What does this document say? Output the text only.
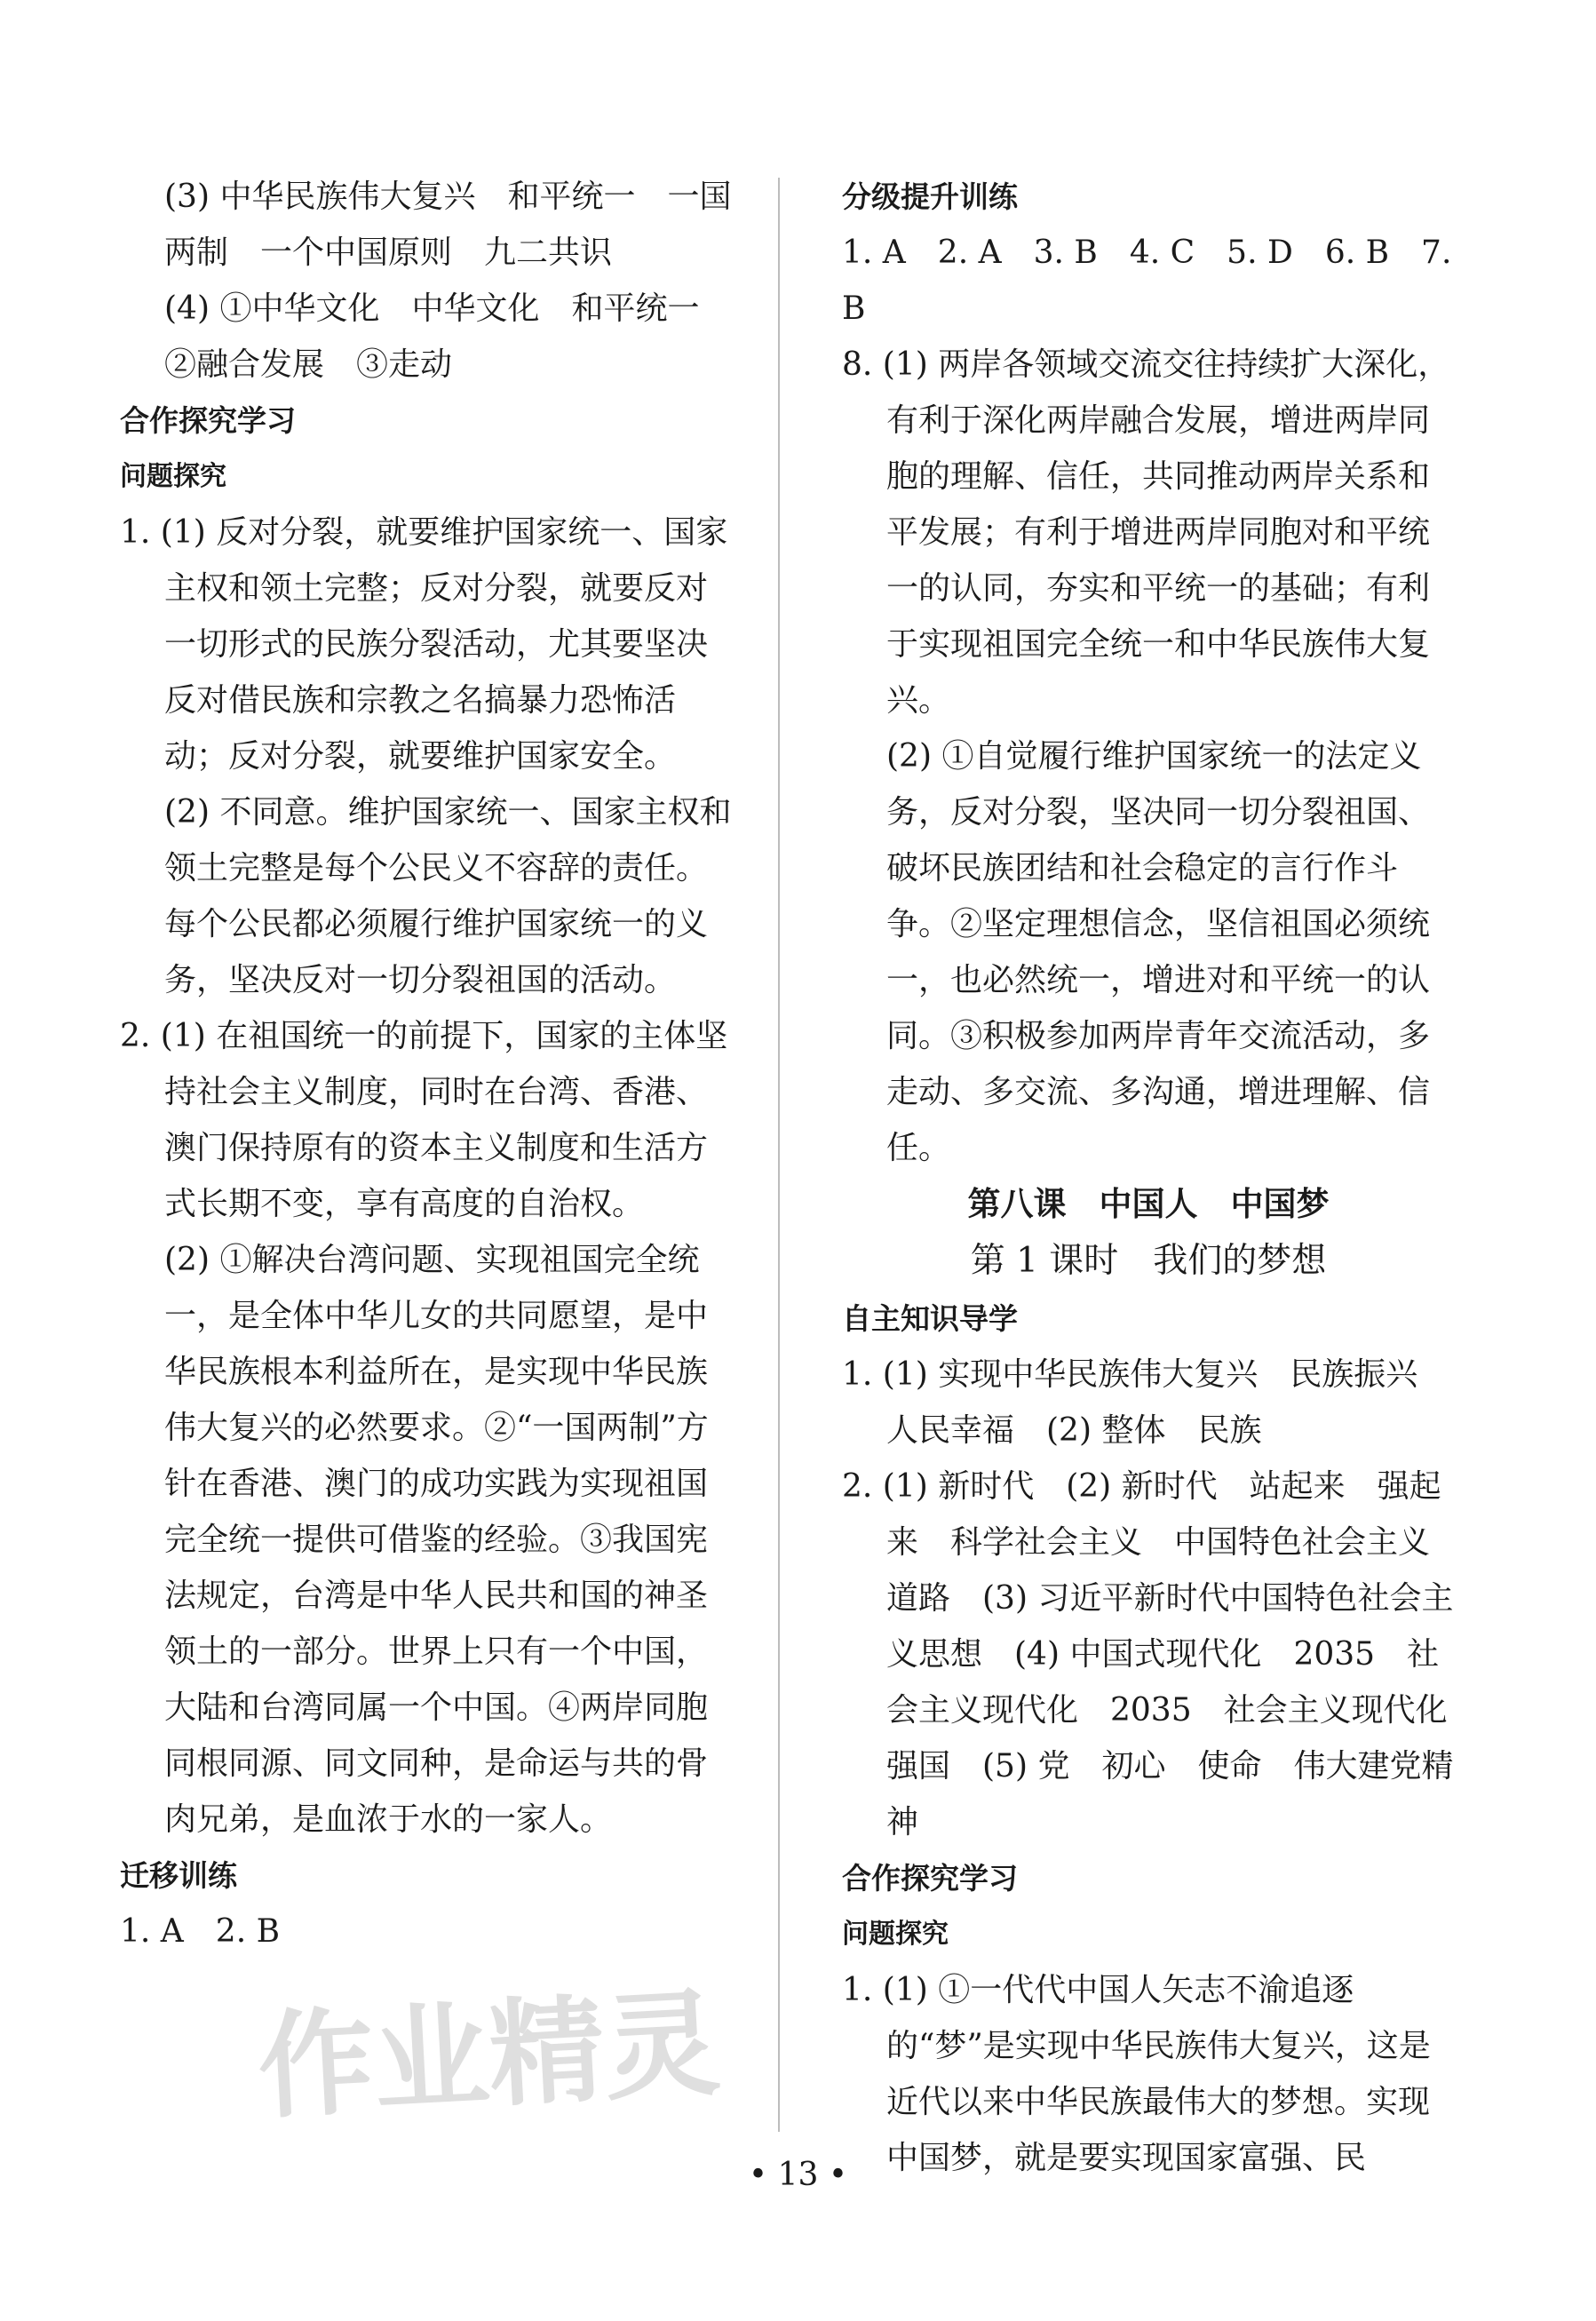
(3) 中华民族伟大复兴　和平统一　一国两制　一个中国原则　九二共识

(4) ①中华文化　中华文化　和平统一　②融合发展　③走动

合作探究学习

问题探究

1. (1) 反对分裂，就要维护国家统一、国家主权和领土完整；反对分裂，就要反对一切形式的民族分裂活动，尤其要坚决反对借民族和宗教之名搞暴力恐怖活动；反对分裂，就要维护国家安全。

(2) 不同意。维护国家统一、国家主权和领土完整是每个公民义不容辞的责任。每个公民都必须履行维护国家统一的义务，坚决反对一切分裂祖国的活动。

2. (1) 在祖国统一的前提下，国家的主体坚持社会主义制度，同时在台湾、香港、澳门保持原有的资本主义制度和生活方式长期不变，享有高度的自治权。

(2) ①解决台湾问题、实现祖国完全统一，是全体中华儿女的共同愿望，是中华民族根本利益所在，是实现中华民族伟大复兴的必然要求。②“一国两制”方针在香港、澳门的成功实践为实现祖国完全统一提供可借鉴的经验。③我国宪法规定，台湾是中华人民共和国的神圣领土的一部分。世界上只有一个中国，大陆和台湾同属一个中国。④两岸同胞同根同源、同文同种，是命运与共的骨肉兄弟，是血浓于水的一家人。

迁移训练

1. A　2. B

分级提升训练

1. A　2. A　3. B　4. C　5. D　6. B　7. B

8. (1) 两岸各领域交流交往持续扩大深化，有利于深化两岸融合发展，增进两岸同胞的理解、信任，共同推动两岸关系和平发展；有利于增进两岸同胞对和平统一的认同，夯实和平统一的基础；有利于实现祖国完全统一和中华民族伟大复兴。

(2) ①自觉履行维护国家统一的法定义务，反对分裂，坚决同一切分裂祖国、破坏民族团结和社会稳定的言行作斗争。②坚定理想信念，坚信祖国必须统一，也必然统一，增进对和平统一的认同。③积极参加两岸青年交流活动，多走动、多交流、多沟通，增进理解、信任。

第八课　中国人　中国梦

第 1 课时　我们的梦想

自主知识导学

1. (1) 实现中华民族伟大复兴　民族振兴　人民幸福　(2) 整体　民族

2. (1) 新时代　(2) 新时代　站起来　强起来　科学社会主义　中国特色社会主义　道路　(3) 习近平新时代中国特色社会主义思想　(4) 中国式现代化　2035　社会主义现代化　2035　社会主义现代化强国　(5) 党　初心　使命　伟大建党精神

合作探究学习

问题探究

1. (1) ①一代代中国人矢志不渝追逐的“梦”是实现中华民族伟大复兴，这是近代以来中华民族最伟大的梦想。实现中国梦，就是要实现国家富强、民

• 13 •
作业精灵
